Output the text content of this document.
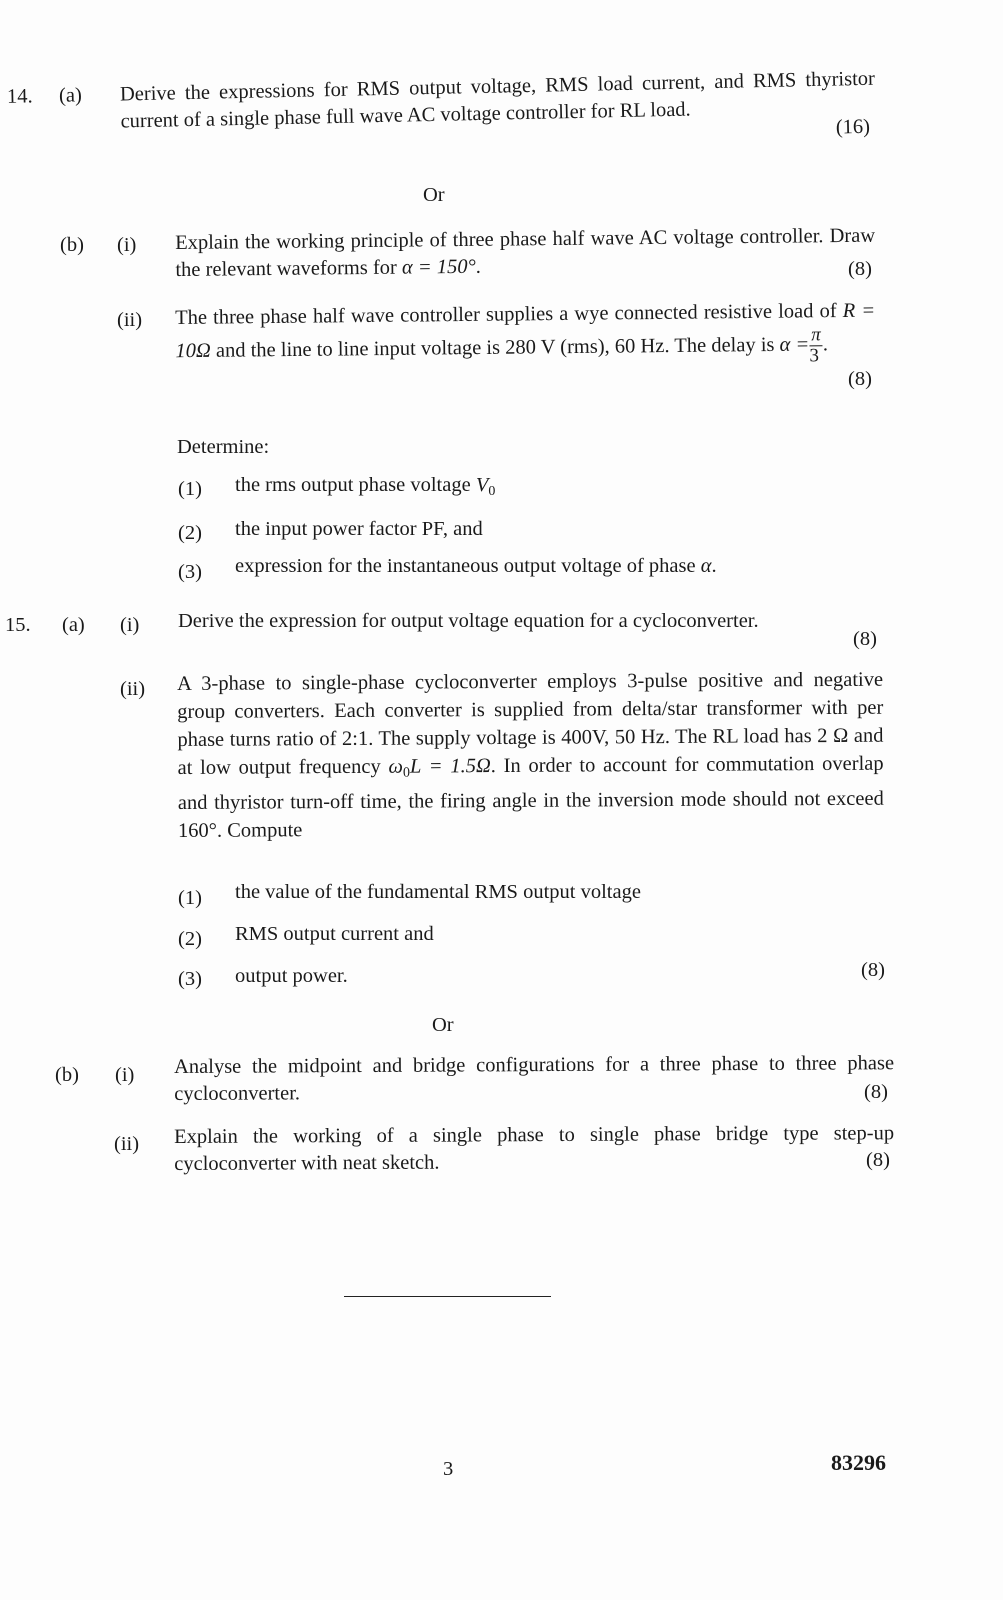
14. (a) Derive the expressions for RMS output voltage, RMS load current, and RMS thyristor current of a single phase full wave AC voltage controller for RL load.	(16)
Or
(b) (i) Explain the working principle of three phase half wave AC voltage controller. Draw the relevant waveforms for α = 150°.	(8)
(ii) The three phase half wave controller supplies a wye connected resistive load of R = 10Ω and the line to line input voltage is 280 V (rms), 60 Hz. The delay is $\alpha = \frac{\pi}{3}$ .
(8)
Determine:
(1) the rms output phase voltage $V_0$
(2) the input power factor PF, and
(3) expression for the instantaneous output voltage of phase α.
15. (a) (i) Derive the expression for output voltage equation for a cycloconverter.
(8)
(ii) A 3-phase to single-phase cycloconverter employs 3-pulse positive and negative group converters. Each converter is supplied from delta/star transformer with per phase turns ratio of 2:1. The supply voltage is 400V, 50 Hz. The RL load has 2 Ω and at low output frequency $\omega_0L = 1.5\Omega$. In order to account for commutation overlap and thyristor turn-off time, the firing angle in the inversion mode should not exceed 160°. Compute
(1) the value of the fundamental RMS output voltage
(2) RMS output current and
(3) output power.	(8)
Or
(b) (i) Analyse the midpoint and bridge configurations for a three phase to three phase cycloconverter.	(8)
(ii) Explain the working of a single phase to single phase bridge type step-up cycloconverter with neat sketch.	(8)
3	83296
